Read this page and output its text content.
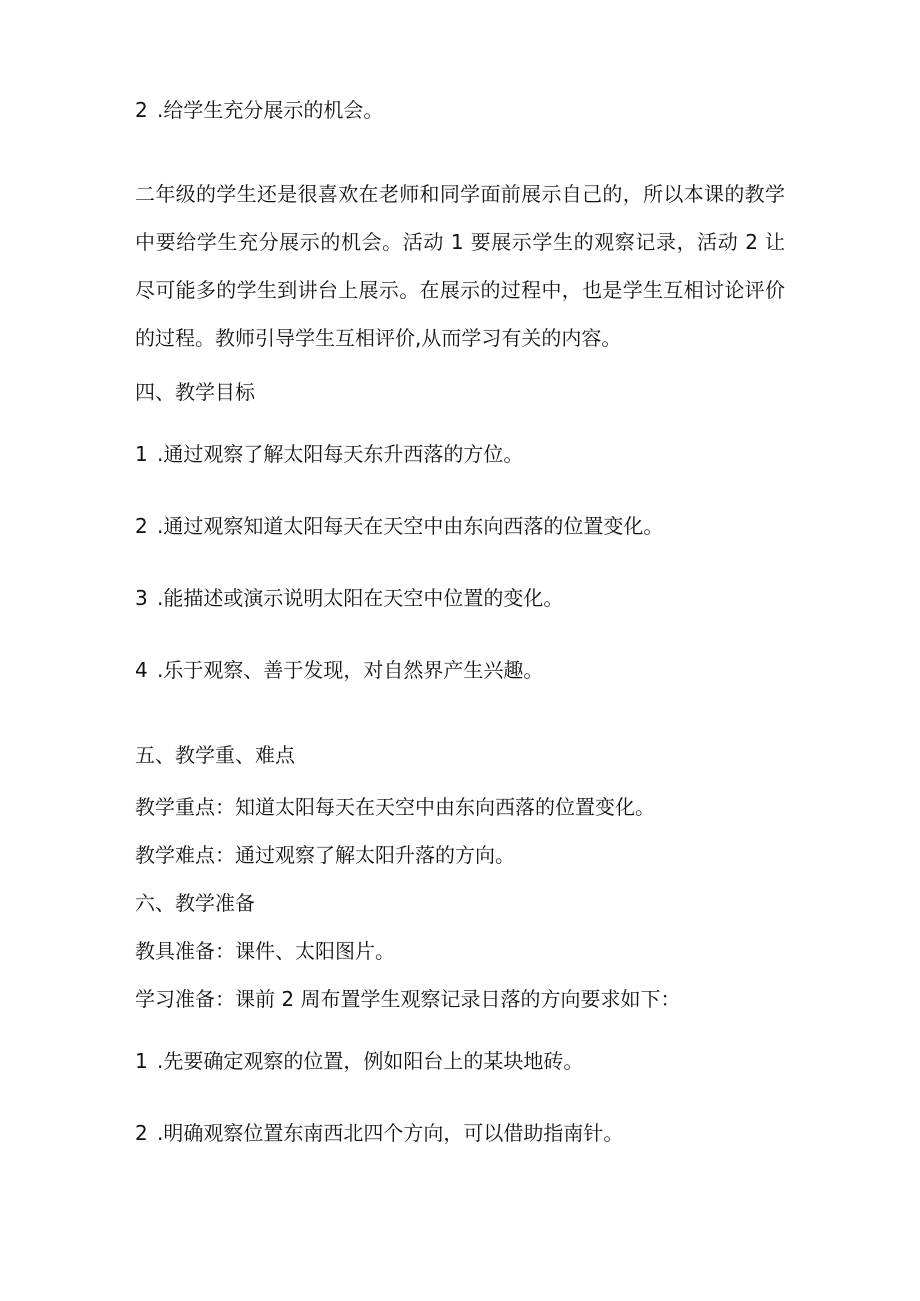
2 .给学生充分展示的机会。

二年级的学生还是很喜欢在老师和同学面前展示自己的，所以本课的教学中要给学生充分展示的机会。活动 1 要展示学生的观察记录，活动 2 让尽可能多的学生到讲台上展示。在展示的过程中，也是学生互相讨论评价的过程。教师引导学生互相评价,从而学习有关的内容。

四、教学目标

1 .通过观察了解太阳每天东升西落的方位。

2 .通过观察知道太阳每天在天空中由东向西落的位置变化。

3 .能描述或演示说明太阳在天空中位置的变化。

4 .乐于观察、善于发现，对自然界产生兴趣。

五、教学重、难点

教学重点：知道太阳每天在天空中由东向西落的位置变化。

教学难点：通过观察了解太阳升落的方向。

六、教学准备

教具准备：课件、太阳图片。

学习准备：课前 2 周布置学生观察记录日落的方向要求如下：

1 .先要确定观察的位置，例如阳台上的某块地砖。

2 .明确观察位置东南西北四个方向，可以借助指南针。
